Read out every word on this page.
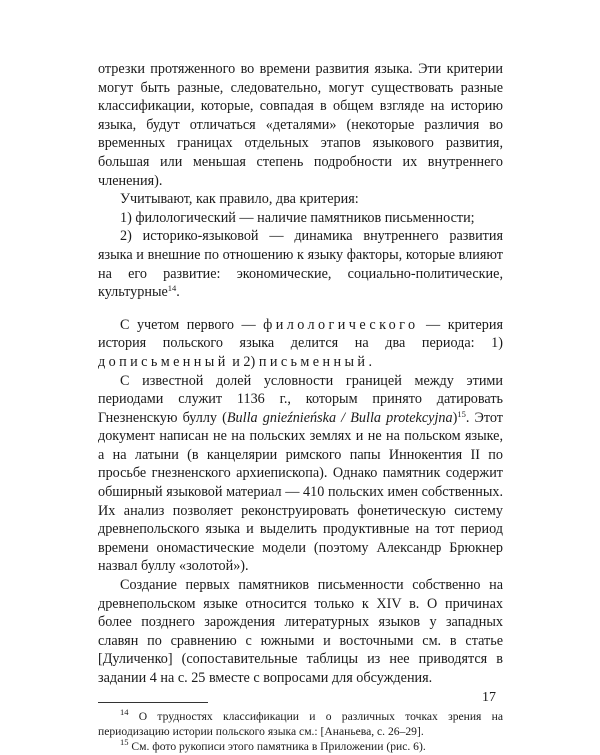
отрезки протяженного во времени развития языка. Эти критерии могут быть разные, следовательно, могут существовать разные классификации, которые, совпадая в общем взгляде на историю языка, будут отличаться «деталями» (некоторые различия во временных границах отдельных этапов языкового развития, большая или меньшая степень подробности их внутреннего членения).

Учитывают, как правило, два критерия:

1) филологический — наличие памятников письменности;

2) историко-языковой — динамика внутреннего развития языка и внешние по отношению к языку факторы, которые влияют на его развитие: экономические, социально-политические, культурные$^{14}$.

С учетом первого — филологического — критерия история польского языка делится на два периода: 1) дописьменный и 2) письменный.

С известной долей условности границей между этими периодами служит 1136 г., которым принято датировать Гнезненскую буллу (Bulla gnieźnieńska / Bulla protekcyjna)$^{15}$. Этот документ написан не на польских землях и не на польском языке, а на латыни (в канцелярии римского папы Иннокентия II по просьбе гнезненского архиепископа). Однако памятник содержит обширный языковой материал — 410 польских имен собственных. Их анализ позволяет реконструировать фонетическую систему древнепольского языка и выделить продуктивные на тот период времени ономастические модели (поэтому Александр Брюкнер назвал буллу «золотой»).

Создание первых памятников письменности собственно на древнепольском языке относится только к XIV в. О причинах более позднего зарождения литературных языков у западных славян по сравнению с южными и восточными см. в статье [Дуличенко] (сопоставительные таблицы из нее приводятся в задании 4 на с. 25 вместе с вопросами для обсуждения.

$^{14}$ О трудностях классификации и о различных точках зрения на периодизацию истории польского языка см.: [Ананьева, с. 26–29].

$^{15}$ См. фото рукописи этого памятника в Приложении (рис. 6).

17
